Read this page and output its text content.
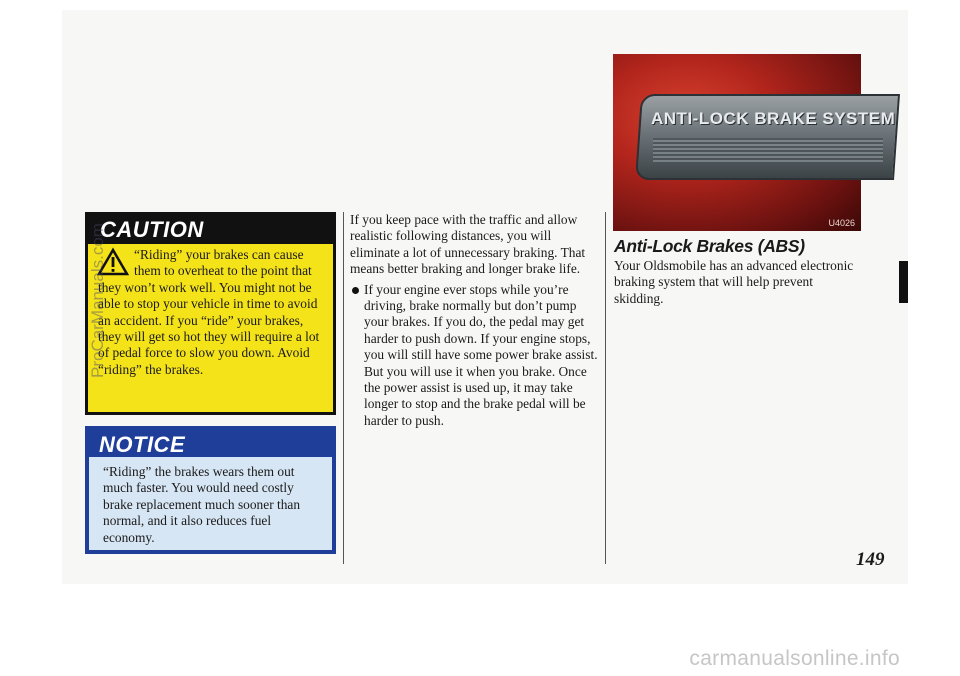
CAUTION
“Riding” your brakes can cause them to overheat to the point that they won’t work well. You might not be able to stop your vehicle in time to avoid an accident. If you “ride” your brakes, they will get so hot they will require a lot of pedal force to slow you down. Avoid “riding” the brakes.
NOTICE
“Riding” the brakes wears them out much faster. You would need costly brake replacement much sooner than normal, and it also reduces fuel economy.

If you keep pace with the traffic and allow realistic following distances, you will eliminate a lot of unnecessary braking. That means better braking and longer brake life.

If your engine ever stops while you’re driving, brake normally but don’t pump your brakes. If you do, the pedal may get harder to push down. If your engine stops, you will still have some power brake assist. But you will use it when you brake. Once the power assist is used up, it may take longer to stop and the brake pedal will be harder to push.
ANTI-LOCK BRAKE SYSTEM
U4026
Anti-Lock Brakes (ABS)
Your Oldsmobile has an advanced electronic braking system that will help prevent skidding.
149
ProCarManuals.com
carmanualsonline.info
